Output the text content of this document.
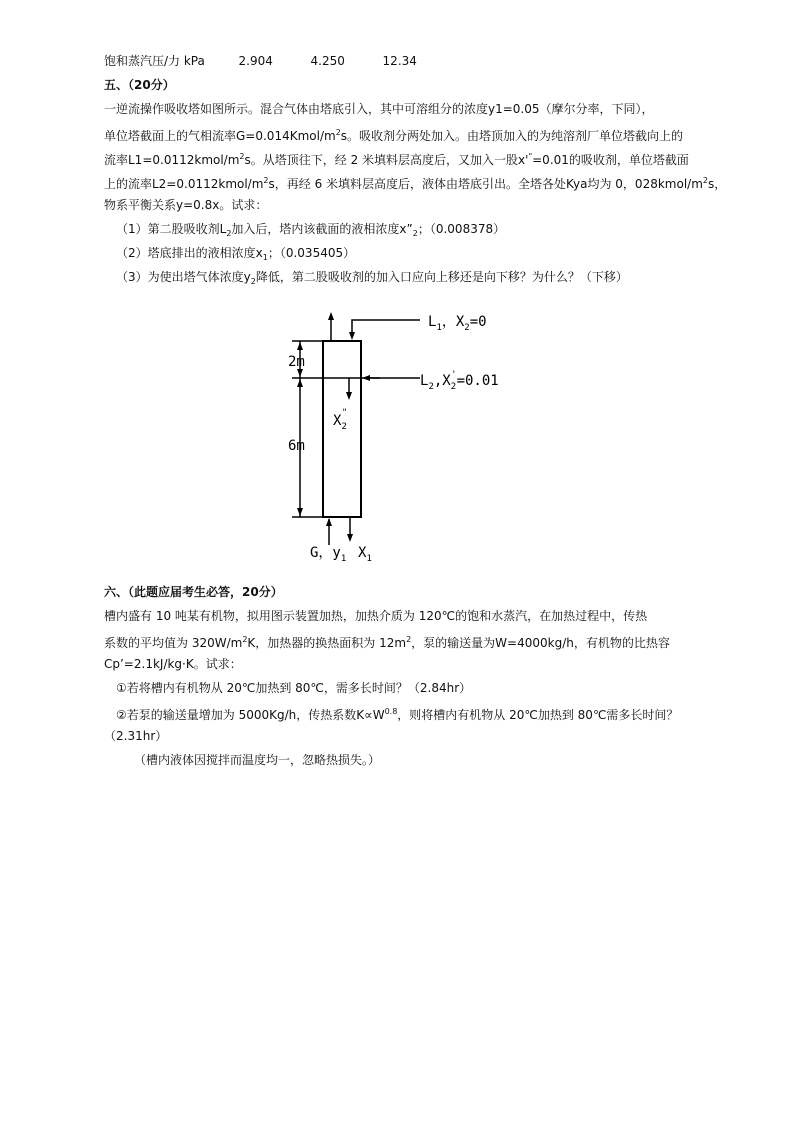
饱和蒸汽压/力 kPa	2.904	4.250	12.34
五、（20分）
一逆流操作吸收塔如图所示。混合气体由塔底引入，其中可溶组分的浓度y1=0.05（摩尔分率，下同），
单位塔截面上的气相流率$G=0.014Kmol/m^2s$。吸收剂分两处加入。由塔顶加入的为纯溶剂厂单位塔截向上的
流率$L1=0.0112kmol/m^2s$。从塔顶往下，经 2 米填料层高度后，又加入一股x'"=0.01的吸收剂，单位塔截面
上的流率$L2=0.0112kmol/m^2s$，再经 6 米填料层高度后，液体由塔底引出。全塔各处Kya均为 0，$028kmol/m^2s$，
物系平衡关系y=0.8x。试求：
（1）第二股吸收剂$L_2$加入后，塔内该截面的液相浓度$x”_2$；（0.008378）
（2）塔底排出的液相浓度$x_1$；（0.035405）
（3）为使出塔气体浓度$y_2$降低，第二股吸收剂的加入口应向上移还是向下移？为什么？（下移）
$L_1$，$X_2=0$
$L_2,X_2'=0.01$
$X_2$"
2m
6m
G，$y_1$ $X_1$
六、（此题应届考生必答，20分）
槽内盛有 10 吨某有机物，拟用图示装置加热，加热介质为 120℃的饱和水蒸汽，在加热过程中，传热
系数的平均值为 $320W/m^2K$，加热器的换热面积为 $12m^2$，泵的输送量为W=4000kg/h，有机物的比热容
Cp’=2.1kJ/kg·K。试求：
①若将槽内有机物从 20℃加热到 80℃，需多长时间？（2.84hr）
②若泵的输送量增加为 5000Kg/h，传热系数$K\propto W^{0.8}$，则将槽内有机物从 20℃加热到 80℃需多长时间？
（2.31hr）
（槽内液体因搅拌而温度均一，忽略热损失。）
